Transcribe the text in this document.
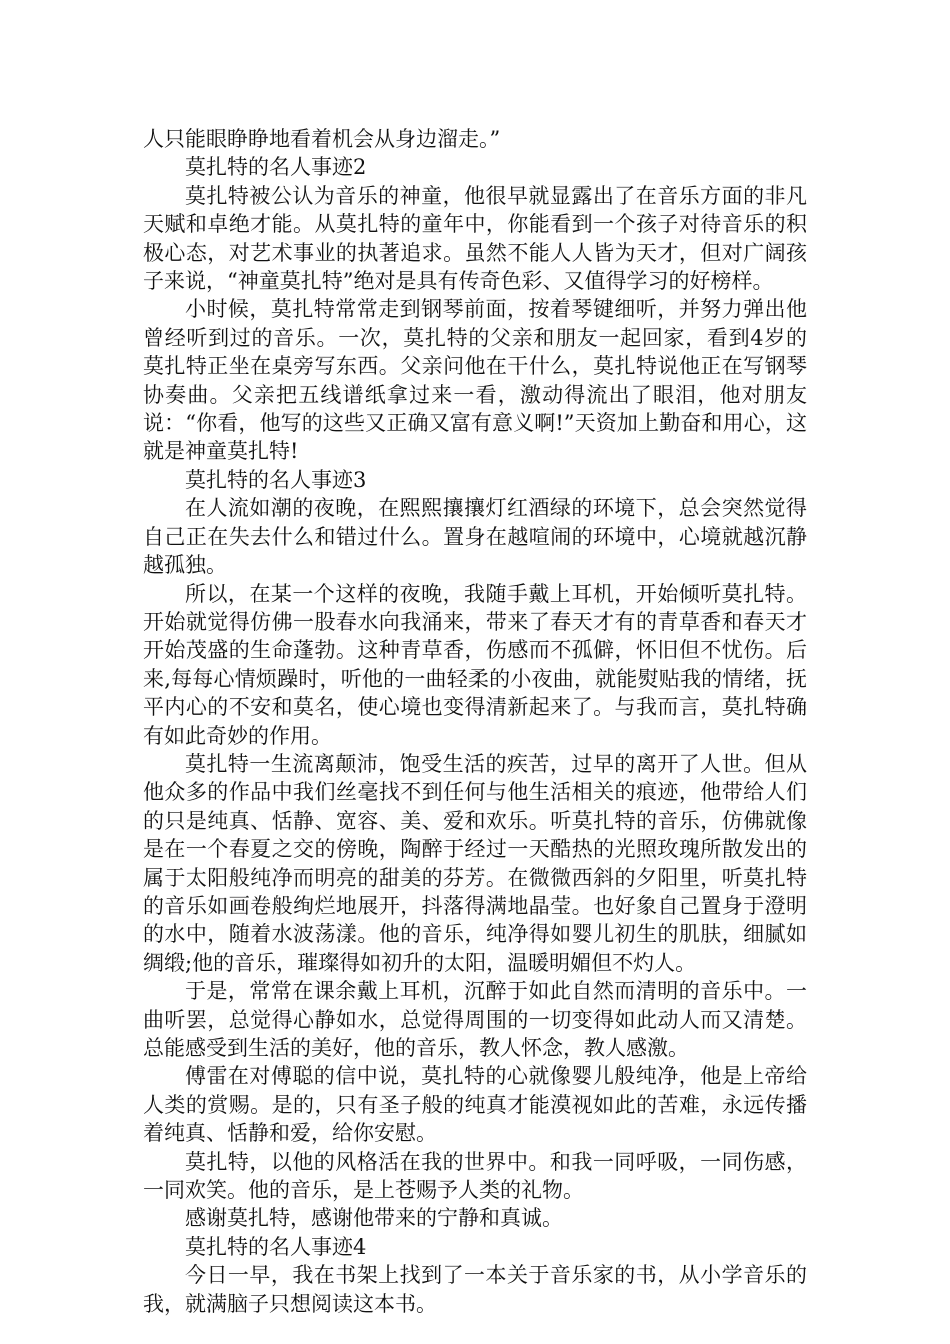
人只能眼睁睁地看着机会从身边溜走。”

莫扎特的名人事迹2

莫扎特被公认为音乐的神童，他很早就显露出了在音乐方面的非凡天赋和卓绝才能。从莫扎特的童年中，你能看到一个孩子对待音乐的积极心态，对艺术事业的执著追求。虽然不能人人皆为天才，但对广阔孩子来说，“神童莫扎特”绝对是具有传奇色彩、又值得学习的好榜样。

小时候，莫扎特常常走到钢琴前面，按着琴键细听，并努力弹出他曾经听到过的音乐。一次，莫扎特的父亲和朋友一起回家，看到4岁的莫扎特正坐在桌旁写东西。父亲问他在干什么，莫扎特说他正在写钢琴协奏曲。父亲把五线谱纸拿过来一看，激动得流出了眼泪，他对朋友说：“你看，他写的这些又正确又富有意义啊!”天资加上勤奋和用心，这就是神童莫扎特!

莫扎特的名人事迹3

在人流如潮的夜晚，在熙熙攘攘灯红酒绿的环境下，总会突然觉得自己正在失去什么和错过什么。置身在越喧闹的环境中，心境就越沉静越孤独。

所以，在某一个这样的夜晚，我随手戴上耳机，开始倾听莫扎特。开始就觉得仿佛一股春水向我涌来，带来了春天才有的青草香和春天才开始茂盛的生命蓬勃。这种青草香，伤感而不孤僻，怀旧但不忧伤。后来,每每心情烦躁时，听他的一曲轻柔的小夜曲，就能熨贴我的情绪，抚平内心的不安和莫名，使心境也变得清新起来了。与我而言，莫扎特确有如此奇妙的作用。

莫扎特一生流离颠沛，饱受生活的疾苦，过早的离开了人世。但从他众多的作品中我们丝毫找不到任何与他生活相关的痕迹，他带给人们的只是纯真、恬静、宽容、美、爱和欢乐。听莫扎特的音乐，仿佛就像是在一个春夏之交的傍晚，陶醉于经过一天酷热的光照玫瑰所散发出的属于太阳般纯净而明亮的甜美的芬芳。在微微西斜的夕阳里，听莫扎特的音乐如画卷般绚烂地展开，抖落得满地晶莹。也好象自己置身于澄明的水中，随着水波荡漾。他的音乐，纯净得如婴儿初生的肌肤，细腻如绸缎;他的音乐，璀璨得如初升的太阳，温暖明媚但不灼人。

于是，常常在课余戴上耳机，沉醉于如此自然而清明的音乐中。一曲听罢，总觉得心静如水，总觉得周围的一切变得如此动人而又清楚。总能感受到生活的美好，他的音乐，教人怀念，教人感激。

傅雷在对傅聪的信中说，莫扎特的心就像婴儿般纯净，他是上帝给人类的赏赐。是的，只有圣子般的纯真才能漠视如此的苦难，永远传播着纯真、恬静和爱，给你安慰。

莫扎特，以他的风格活在我的世界中。和我一同呼吸，一同伤感，一同欢笑。他的音乐，是上苍赐予人类的礼物。

感谢莫扎特，感谢他带来的宁静和真诚。

莫扎特的名人事迹4

今日一早，我在书架上找到了一本关于音乐家的书，从小学音乐的我，就满脑子只想阅读这本书。
